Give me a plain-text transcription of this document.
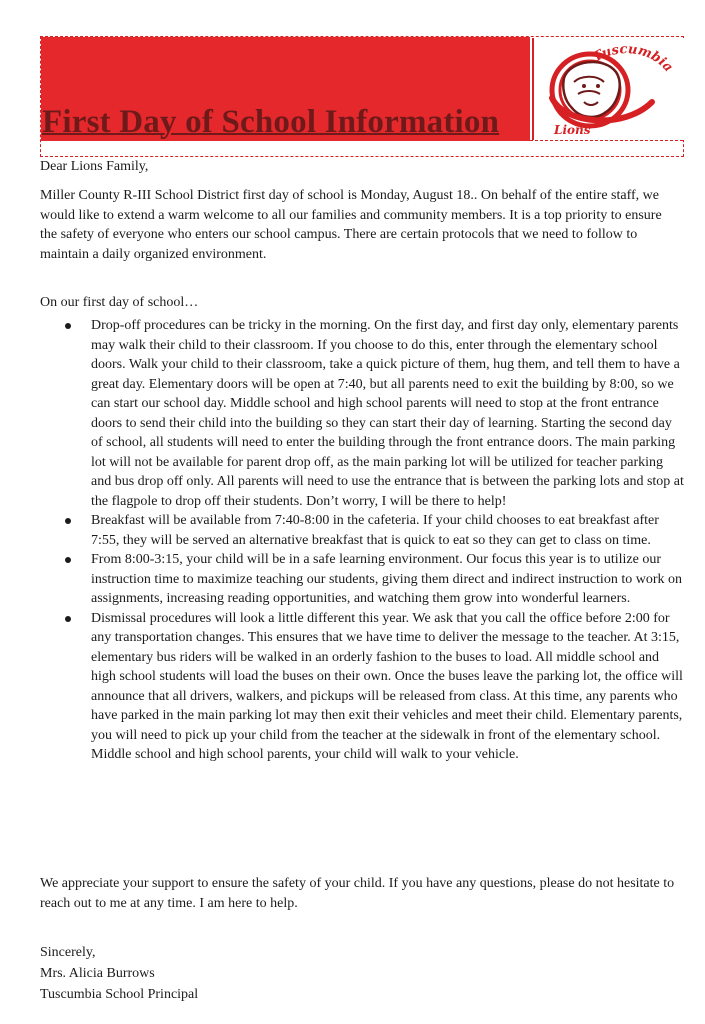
First Day of School Information
Tuscumbia
Lions
Dear Lions Family,
Miller County R-III School District first day of school is Monday, August 18.. On behalf of the entire staff, we would like to extend a warm welcome to all our families and community members. It is a top priority to ensure the safety of everyone who enters our school campus. There are certain protocols that we need to follow to maintain a daily organized environment.
On our first day of school…
Drop-off procedures can be tricky in the morning. On the first day, and first day only, elementary parents may walk their child to their classroom. If you choose to do this, enter through the elementary school doors. Walk your child to their classroom, take a quick picture of them, hug them, and tell them to have a great day. Elementary doors will be open at 7:40, but all parents need to exit the building by 8:00, so we can start our school day. Middle school and high school parents will need to stop at the front entrance doors to send their child into the building so they can start their day of learning. Starting the second day of school, all students will need to enter the building through the front entrance doors. The main parking lot will not be available for parent drop off, as the main parking lot will be utilized for teacher parking and bus drop off only. All parents will need to use the entrance that is between the parking lots and stop at the flagpole to drop off their students. Don’t worry, I will be there to help!
Breakfast will be available from 7:40-8:00 in the cafeteria. If your child chooses to eat breakfast after 7:55, they will be served an alternative breakfast that is quick to eat so they can get to class on time.
From 8:00-3:15, your child will be in a safe learning environment. Our focus this year is to utilize our instruction time to maximize teaching our students, giving them direct and indirect instruction to work on assignments, increasing reading opportunities, and watching them grow into wonderful learners.
Dismissal procedures will look a little different this year. We ask that you call the office before 2:00 for any transportation changes. This ensures that we have time to deliver the message to the teacher. At 3:15, elementary bus riders will be walked in an orderly fashion to the buses to load. All middle school and high school students will load the buses on their own. Once the buses leave the parking lot, the office will announce that all drivers, walkers, and pickups will be released from class. At this time, any parents who have parked in the main parking lot may then exit their vehicles and meet their child. Elementary parents, you will need to pick up your child from the teacher at the sidewalk in front of the elementary school. Middle school and high school parents, your child will walk to your vehicle.
We appreciate your support to ensure the safety of your child. If you have any questions, please do not hesitate to reach out to me at any time. I am here to help.
Sincerely,
Mrs. Alicia Burrows
Tuscumbia School Principal
